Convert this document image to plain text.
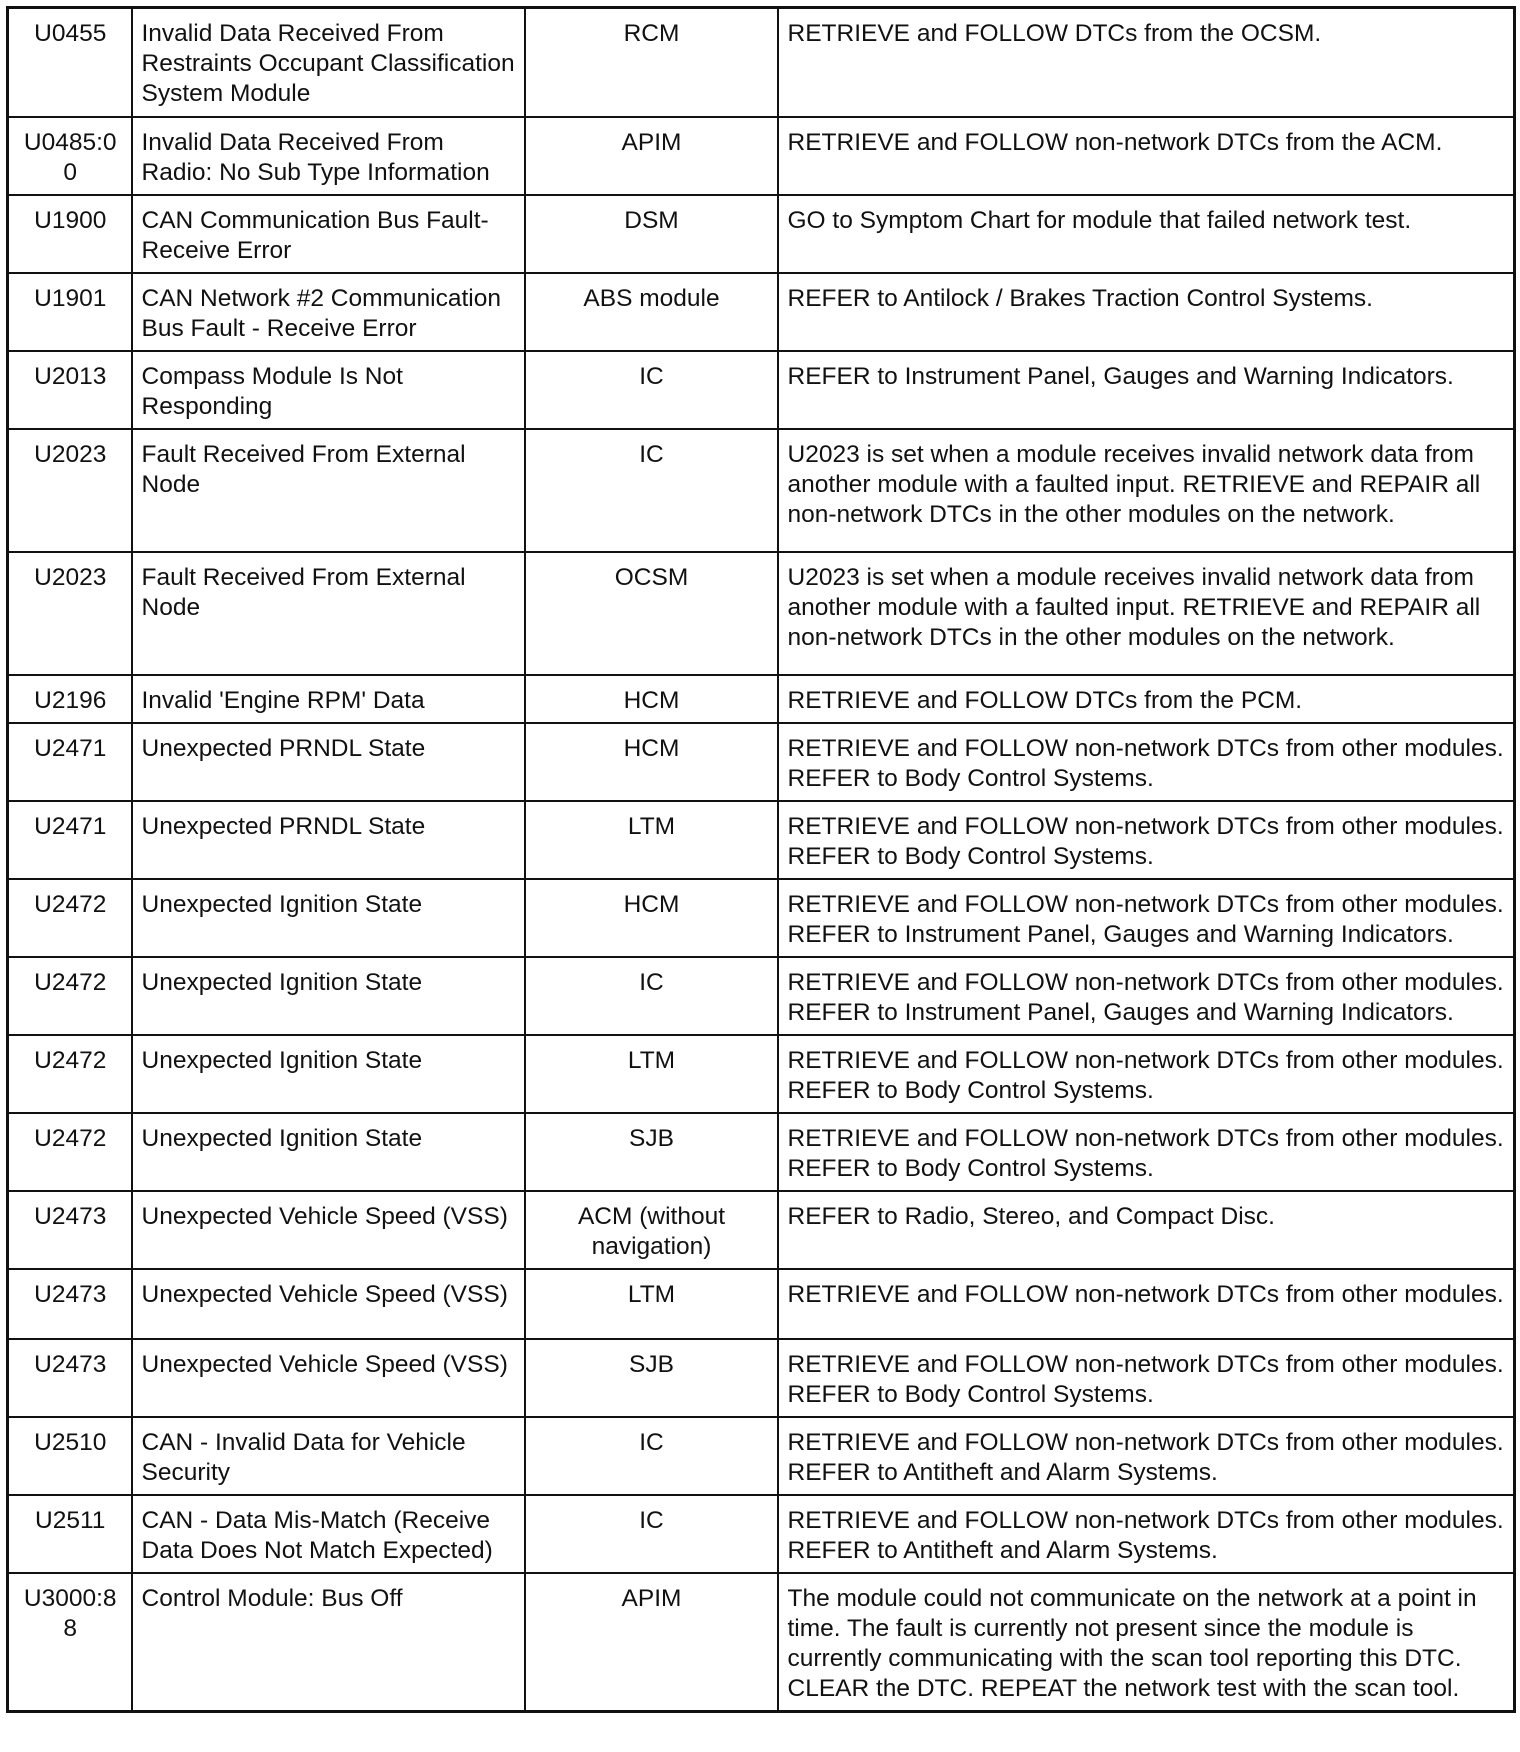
U0455	Invalid Data Received From Restraints Occupant Classification System Module	RCM	RETRIEVE and FOLLOW DTCs from the OCSM.
U0485:00	Invalid Data Received From Radio: No Sub Type Information	APIM	RETRIEVE and FOLLOW non-network DTCs from the ACM.
U1900	CAN Communication Bus Fault-Receive Error	DSM	GO to Symptom Chart for module that failed network test.
U1901	CAN Network #2 Communication Bus Fault - Receive Error	ABS module	REFER to Antilock / Brakes Traction Control Systems.
U2013	Compass Module Is Not Responding	IC	REFER to Instrument Panel, Gauges and Warning Indicators.
U2023	Fault Received From External Node	IC	U2023 is set when a module receives invalid network data from another module with a faulted input. RETRIEVE and REPAIR all non-network DTCs in the other modules on the network.
U2023	Fault Received From External Node	OCSM	U2023 is set when a module receives invalid network data from another module with a faulted input. RETRIEVE and REPAIR all non-network DTCs in the other modules on the network.
U2196	Invalid 'Engine RPM' Data	HCM	RETRIEVE and FOLLOW DTCs from the PCM.
U2471	Unexpected PRNDL State	HCM	RETRIEVE and FOLLOW non-network DTCs from other modules. REFER to Body Control Systems.
U2471	Unexpected PRNDL State	LTM	RETRIEVE and FOLLOW non-network DTCs from other modules. REFER to Body Control Systems.
U2472	Unexpected Ignition State	HCM	RETRIEVE and FOLLOW non-network DTCs from other modules. REFER to Instrument Panel, Gauges and Warning Indicators.
U2472	Unexpected Ignition State	IC	RETRIEVE and FOLLOW non-network DTCs from other modules. REFER to Instrument Panel, Gauges and Warning Indicators.
U2472	Unexpected Ignition State	LTM	RETRIEVE and FOLLOW non-network DTCs from other modules. REFER to Body Control Systems.
U2472	Unexpected Ignition State	SJB	RETRIEVE and FOLLOW non-network DTCs from other modules. REFER to Body Control Systems.
U2473	Unexpected Vehicle Speed (VSS)	ACM (without navigation)	REFER to Radio, Stereo, and Compact Disc.
U2473	Unexpected Vehicle Speed (VSS)	LTM	RETRIEVE and FOLLOW non-network DTCs from other modules.
U2473	Unexpected Vehicle Speed (VSS)	SJB	RETRIEVE and FOLLOW non-network DTCs from other modules. REFER to Body Control Systems.
U2510	CAN - Invalid Data for Vehicle Security	IC	RETRIEVE and FOLLOW non-network DTCs from other modules. REFER to Antitheft and Alarm Systems.
U2511	CAN - Data Mis-Match (Receive Data Does Not Match Expected)	IC	RETRIEVE and FOLLOW non-network DTCs from other modules. REFER to Antitheft and Alarm Systems.
U3000:88	Control Module: Bus Off	APIM	The module could not communicate on the network at a point in time. The fault is currently not present since the module is currently communicating with the scan tool reporting this DTC. CLEAR the DTC. REPEAT the network test with the scan tool.
